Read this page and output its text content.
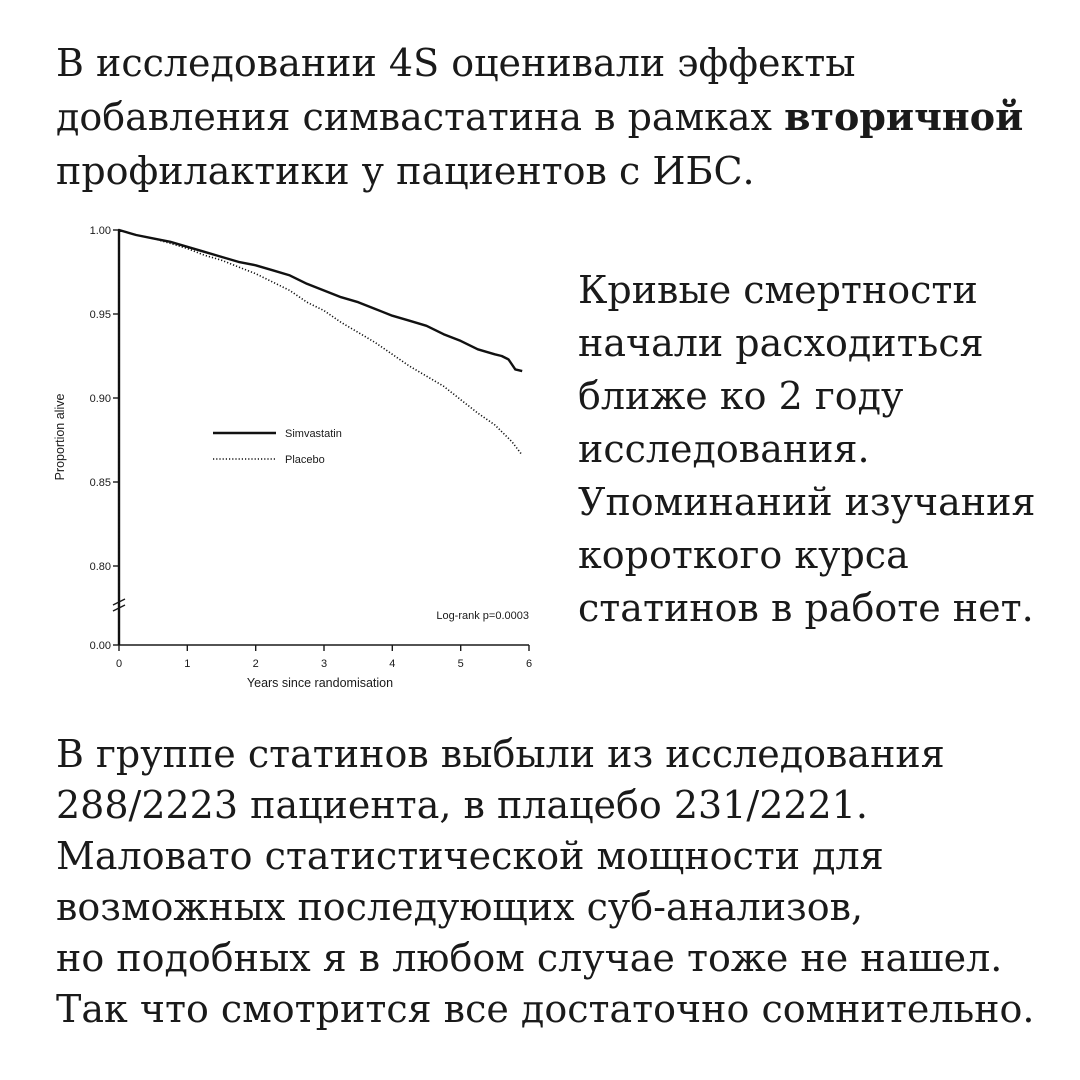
В исследовании 4S оценивали эффекты
добавления симвастатина в рамках вторичной
профилактики у пациентов с ИБС.
1.00
0.95
0.90
0.85
0.80
0.00
Proportion alive
0	1	2	3	4	5	6
Years since randomisation
Simvastatin
Placebo
Log-rank p=0.0003
Кривые смертности
начали расходиться
ближе ко 2 году
исследования.
Упоминаний изучания
короткого курса
статинов в работе нет.
В группе статинов выбыли из исследования
288/2223 пациента, в плацебо 231/2221.
Маловато статистической мощности для
возможных последующих суб-анализов,
но подобных я в любом случае тоже не нашел.
Так что смотрится все достаточно сомнительно.
